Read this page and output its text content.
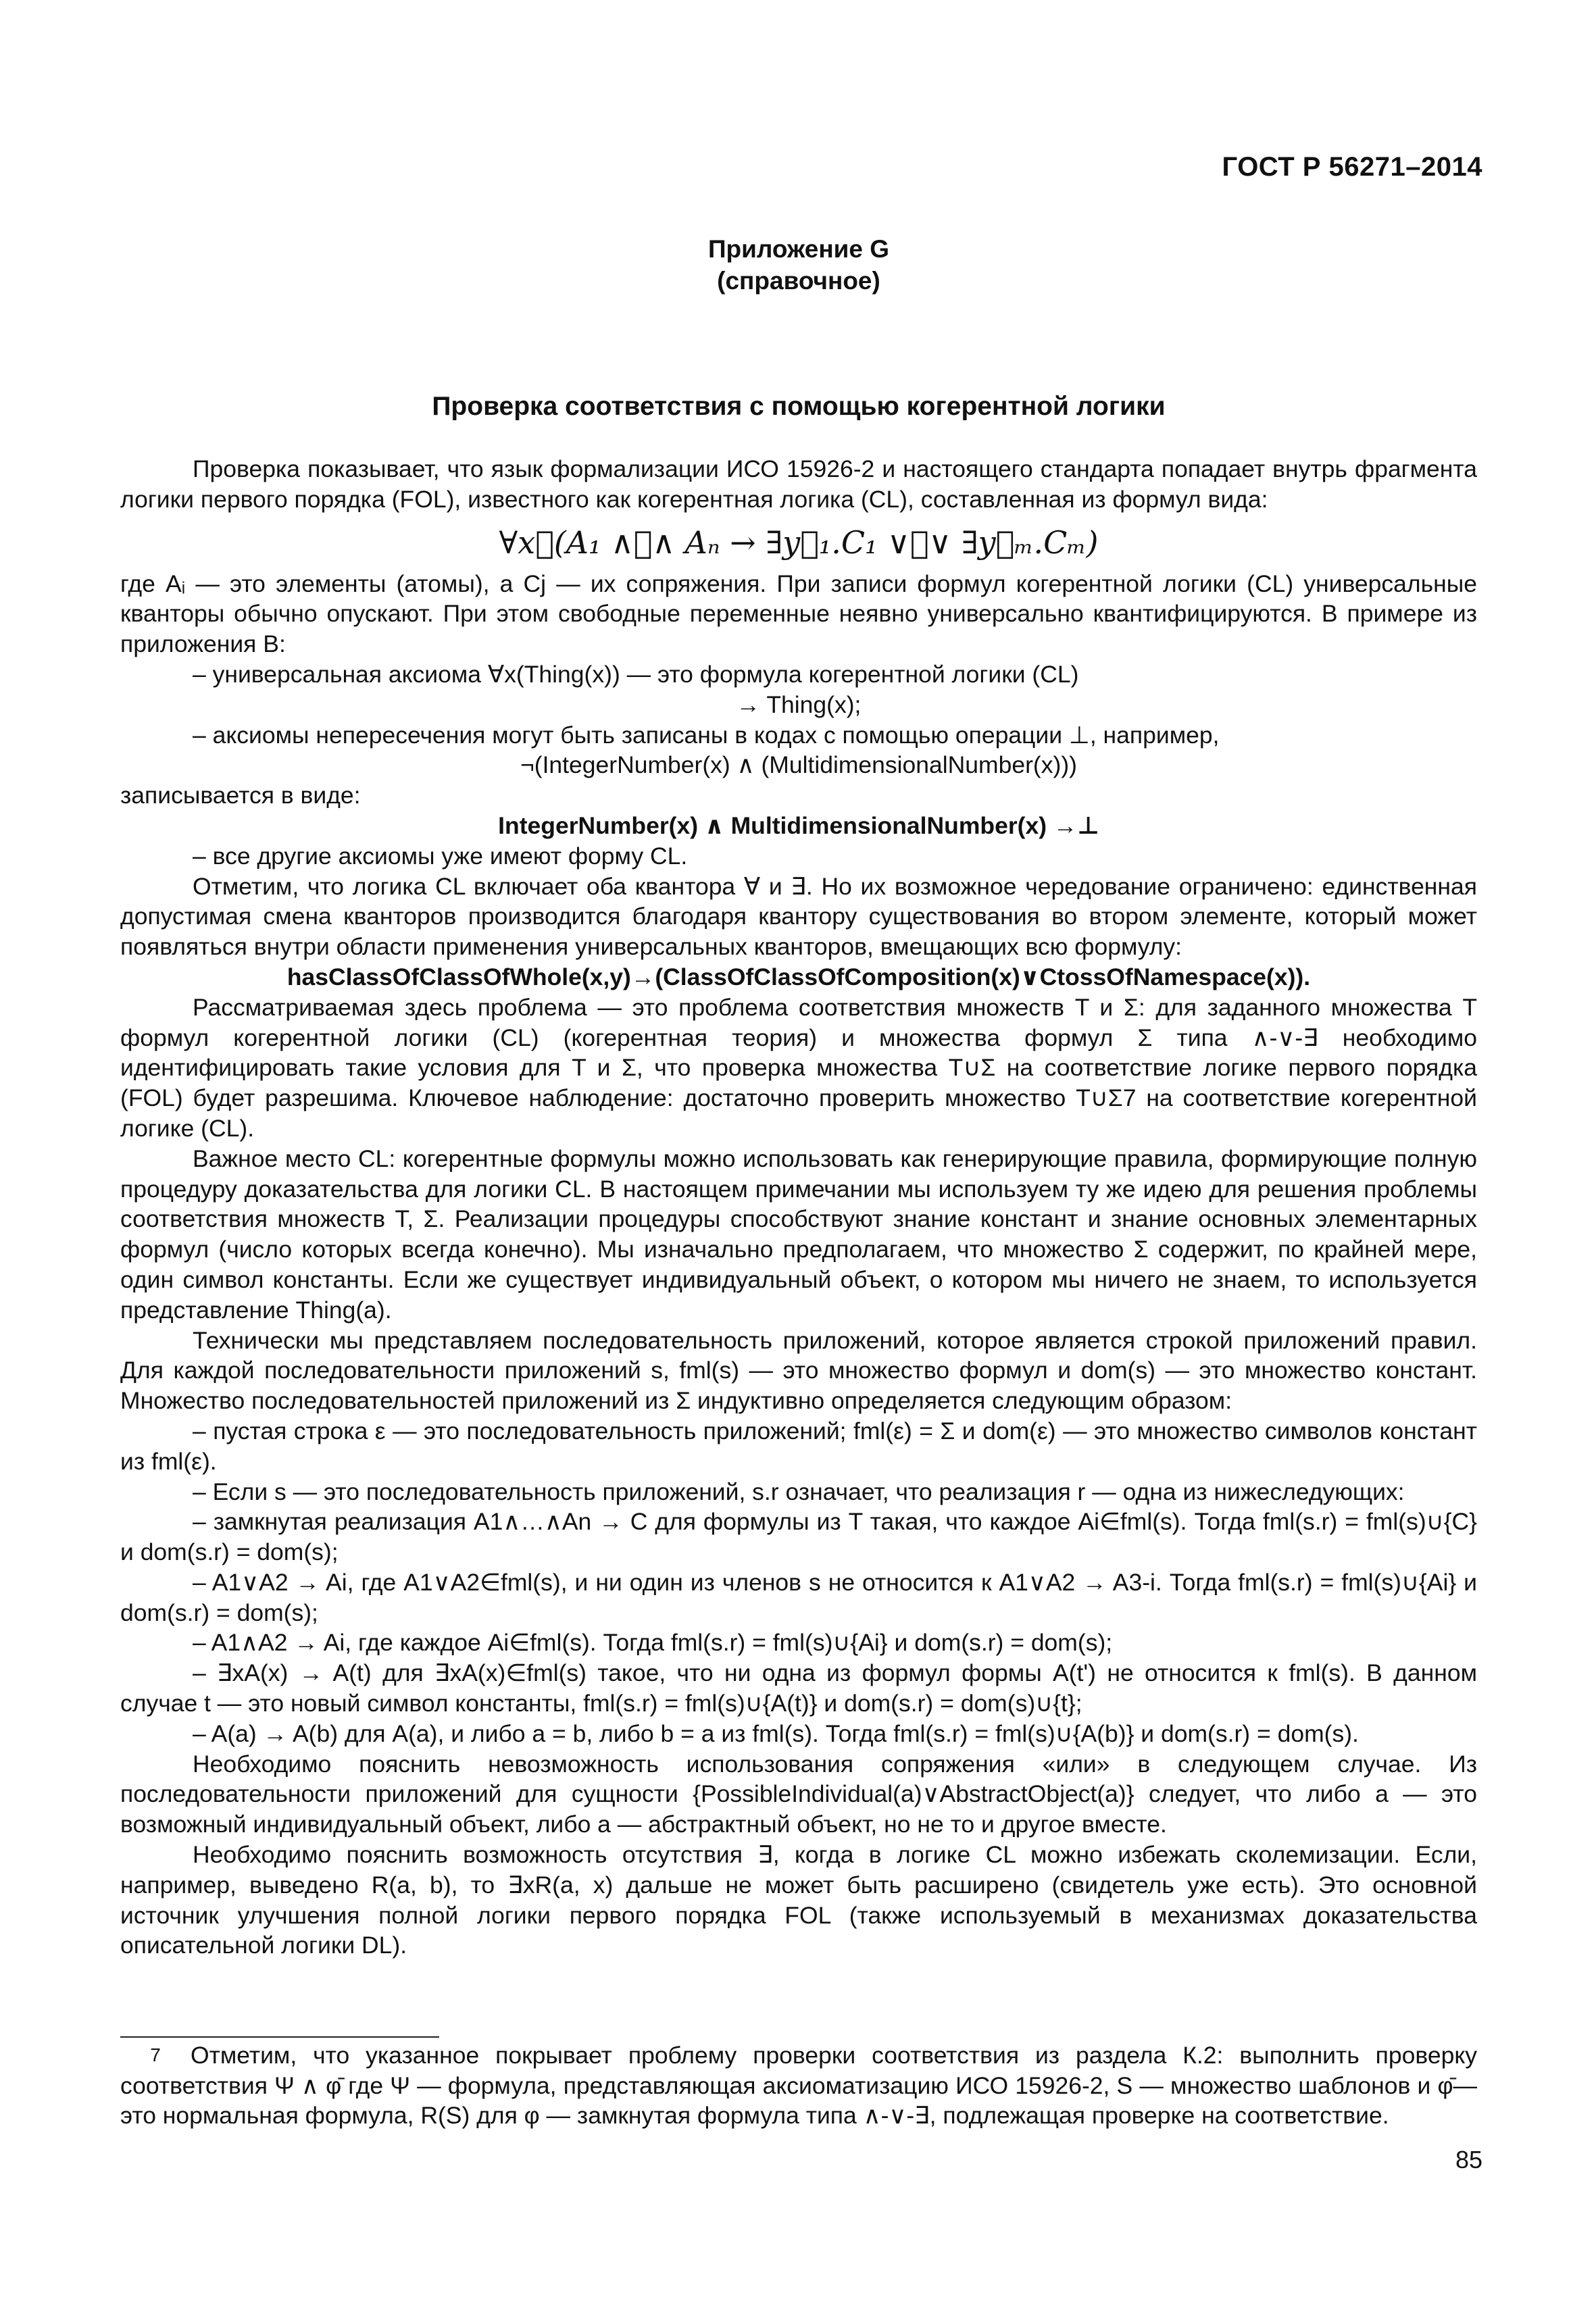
ГОСТ Р 56271–2014
Приложение G
(справочное)
Проверка соответствия с помощью когерентной логики

Проверка показывает, что язык формализации ИСО 15926-2 и настоящего стандарта попадает внутрь фрагмента логики первого порядка (FOL), известного как когерентная логика (CL), составленная из формул вида:

∀x⃗(A₁ ∧⋯∧ Aₙ → ∃y⃗₁.C₁ ∨⋯∨ ∃y⃗ₘ.Cₘ)

где Aᵢ — это элементы (атомы), а Cj — их сопряжения. При записи формул когерентной логики (CL) универсальные кванторы обычно опускают. При этом свободные переменные неявно универсально квантифицируются. В примере из приложения В:

– универсальная аксиома ∀x(Thing(x)) — это формула когерентной логики (CL)

→ Thing(x);

– аксиомы непересечения могут быть записаны в кодах с помощью операции ⊥, например,

¬(IntegerNumber(x) ∧ (MultidimensionalNumber(x)))

записывается в виде:

IntegerNumber(x) ∧ MultidimensionalNumber(x) →⊥

– все другие аксиомы уже имеют форму CL.

Отметим, что логика CL включает оба квантора ∀ и ∃. Но их возможное чередование ограничено: единственная допустимая смена кванторов производится благодаря квантору существования во втором элементе, который может появляться внутри области применения универсальных кванторов, вмещающих всю формулу:

hasClassOfClassOfWhole(x,y)→(ClassOfClassOfComposition(x)∨CtossOfNamespace(x)).

Рассматриваемая здесь проблема — это проблема соответствия множеств T и Σ: для заданного множества T формул когерентной логики (CL) (когерентная теория) и множества формул Σ типа ∧-∨-∃ необходимо идентифицировать такие условия для T и Σ, что проверка множества T∪Σ на соответствие логике первого порядка (FOL) будет разрешима. Ключевое наблюдение: достаточно проверить множество T∪Σ7 на соответствие когерентной логике (CL).

Важное место CL: когерентные формулы можно использовать как генерирующие правила, формирующие полную процедуру доказательства для логики CL. В настоящем примечании мы используем ту же идею для решения проблемы соответствия множеств T, Σ. Реализации процедуры способствуют знание констант и знание основных элементарных формул (число которых всегда конечно). Мы изначально предполагаем, что множество Σ содержит, по крайней мере, один символ константы. Если же существует индивидуальный объект, о котором мы ничего не знаем, то используется представление Thing(a).

Технически мы представляем последовательность приложений, которое является строкой приложений правил. Для каждой последовательности приложений s, fml(s) — это множество формул и dom(s) — это множество констант. Множество последовательностей приложений из Σ индуктивно определяется следующим образом:

– пустая строка ε — это последовательность приложений; fml(ε) = Σ и dom(ε) — это множество символов констант из fml(ε).

– Если s — это последовательность приложений, s.r означает, что реализация r — одна из нижеследующих:

– замкнутая реализация A1∧…∧An → C для формулы из T такая, что каждое Ai∈fml(s). Тогда fml(s.r) = fml(s)∪{C} и dom(s.r) = dom(s);

– A1∨A2 → Ai, где A1∨A2∈fml(s), и ни один из членов s не относится к A1∨A2 → A3-i. Тогда fml(s.r) = fml(s)∪{Ai} и dom(s.r) = dom(s);

– A1∧A2 → Ai, где каждое Ai∈fml(s). Тогда fml(s.r) = fml(s)∪{Ai} и dom(s.r) = dom(s);

– ∃xA(x) → A(t) для ∃xA(x)∈fml(s) такое, что ни одна из формул формы A(t') не относится к fml(s). В данном случае t — это новый символ константы, fml(s.r) = fml(s)∪{A(t)} и dom(s.r) = dom(s)∪{t};

– A(a) → A(b) для A(a), и либо a = b, либо b = a из fml(s). Тогда fml(s.r) = fml(s)∪{A(b)} и dom(s.r) = dom(s).

Необходимо пояснить невозможность использования сопряжения «или» в следующем случае. Из последовательности приложений для сущности {PossibleIndividual(a)∨AbstractObject(a)} следует, что либо a — это возможный индивидуальный объект, либо a — абстрактный объект, но не то и другое вместе.

Необходимо пояснить возможность отсутствия ∃, когда в логике CL можно избежать сколемизации. Если, например, выведено R(a, b), то ∃xR(a, x) дальше не может быть расширено (свидетель уже есть). Это основной источник улучшения полной логики первого порядка FOL (также используемый в механизмах доказательства описательной логики DL).

7 Отметим, что указанное покрывает проблему проверки соответствия из раздела К.2: выполнить проверку соответствия Ψ ∧ φ̄ где Ψ — формула, представляющая аксиоматизацию ИСО 15926-2, S — множество шаблонов и φ̄— это нормальная формула, R(S) для φ — замкнутая формула типа ∧-∨-∃, подлежащая проверке на соответствие.
85
